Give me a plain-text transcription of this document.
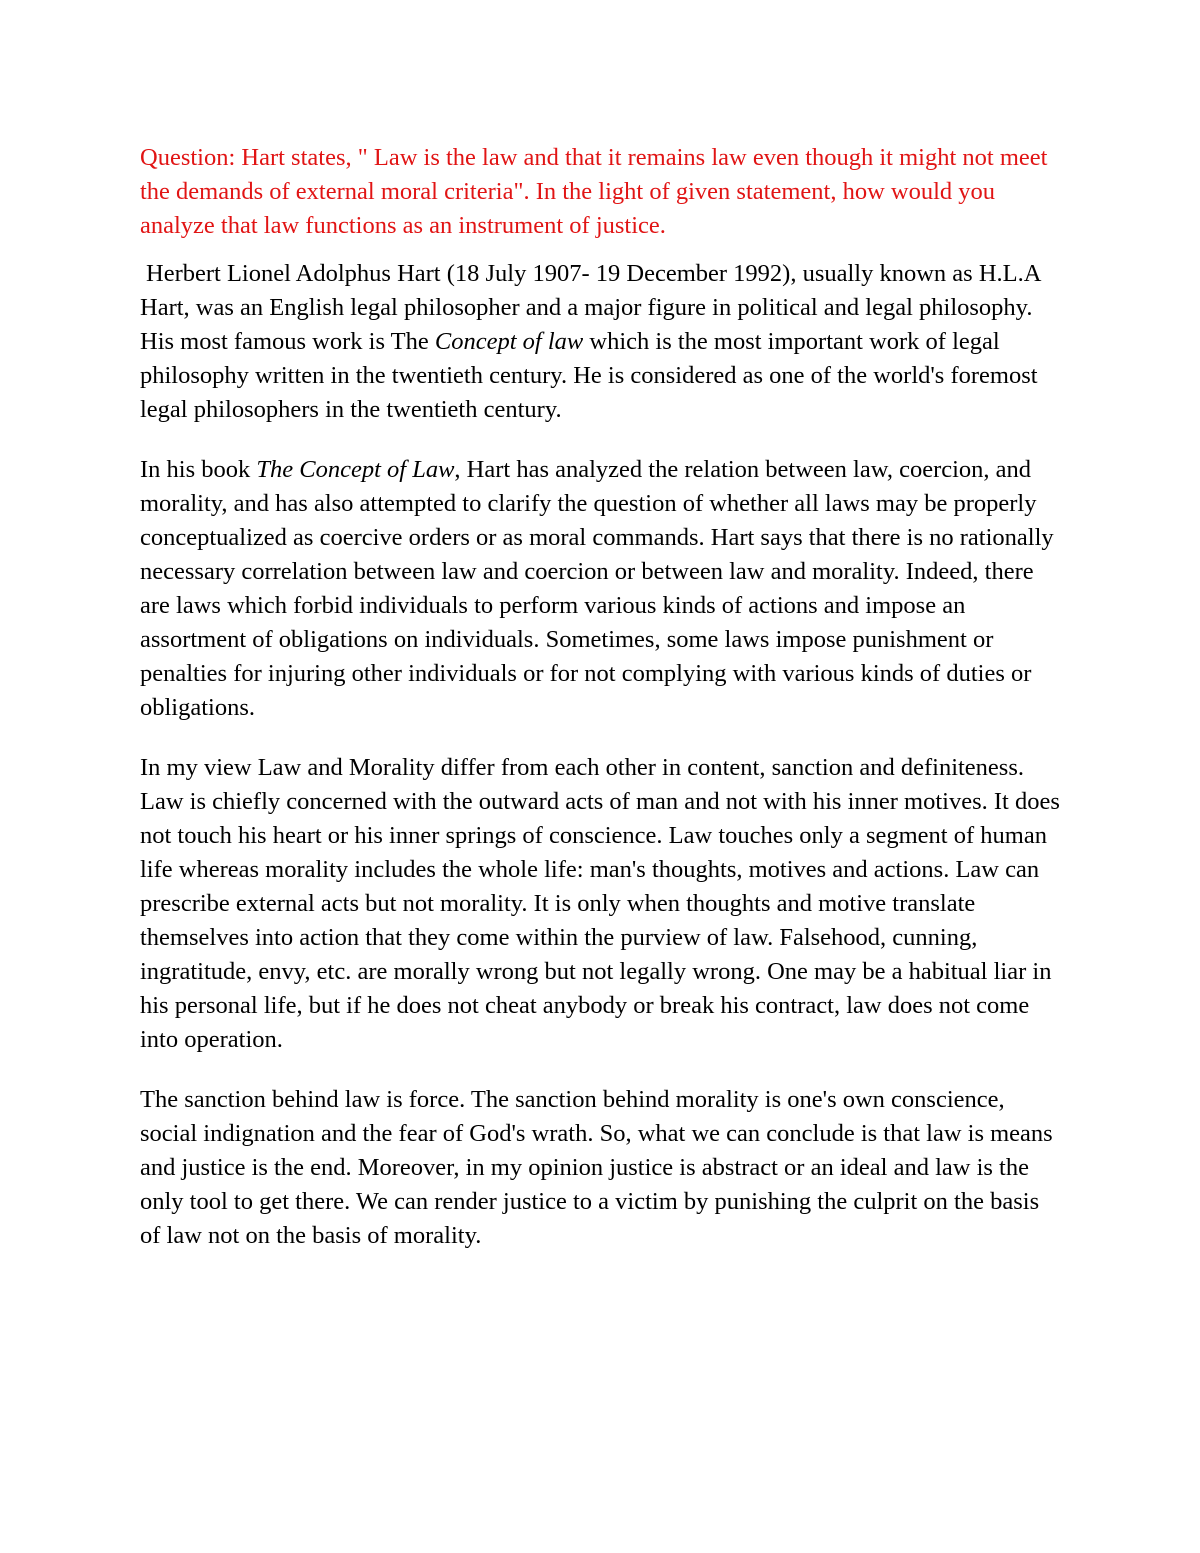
Question: Hart states, " Law is the law and that it remains law even though it might not meet the demands of external moral criteria". In the light of given statement, how would you analyze that law functions as an instrument of justice.

Herbert Lionel Adolphus Hart (18 July 1907- 19 December 1992), usually known as H.L.A Hart, was an English legal philosopher and a major figure in political and legal philosophy. His most famous work is The Concept of law which is the most important work of legal philosophy written in the twentieth century. He is considered as one of the world's foremost legal philosophers in the twentieth century.

In his book The Concept of Law, Hart has analyzed the relation between law, coercion, and morality, and has also attempted to clarify the question of whether all laws may be properly conceptualized as coercive orders or as moral commands. Hart says that there is no rationally necessary correlation between law and coercion or between law and morality. Indeed, there are laws which forbid individuals to perform various kinds of actions and impose an assortment of obligations on individuals. Sometimes, some laws impose punishment or penalties for injuring other individuals or for not complying with various kinds of duties or obligations.

In my view Law and Morality differ from each other in content, sanction and definiteness. Law is chiefly concerned with the outward acts of man and not with his inner motives. It does not touch his heart or his inner springs of conscience. Law touches only a segment of human life whereas morality includes the whole life: man's thoughts, motives and actions. Law can prescribe external acts but not morality. It is only when thoughts and motive translate themselves into action that they come within the purview of law. Falsehood, cunning, ingratitude, envy, etc. are morally wrong but not legally wrong. One may be a habitual liar in his personal life, but if he does not cheat anybody or break his contract, law does not come into operation.

The sanction behind law is force. The sanction behind morality is one's own conscience, social indignation and the fear of God's wrath. So, what we can conclude is that law is means and justice is the end. Moreover, in my opinion justice is abstract or an ideal and law is the only tool to get there. We can render justice to a victim by punishing the culprit on the basis of law not on the basis of morality.
